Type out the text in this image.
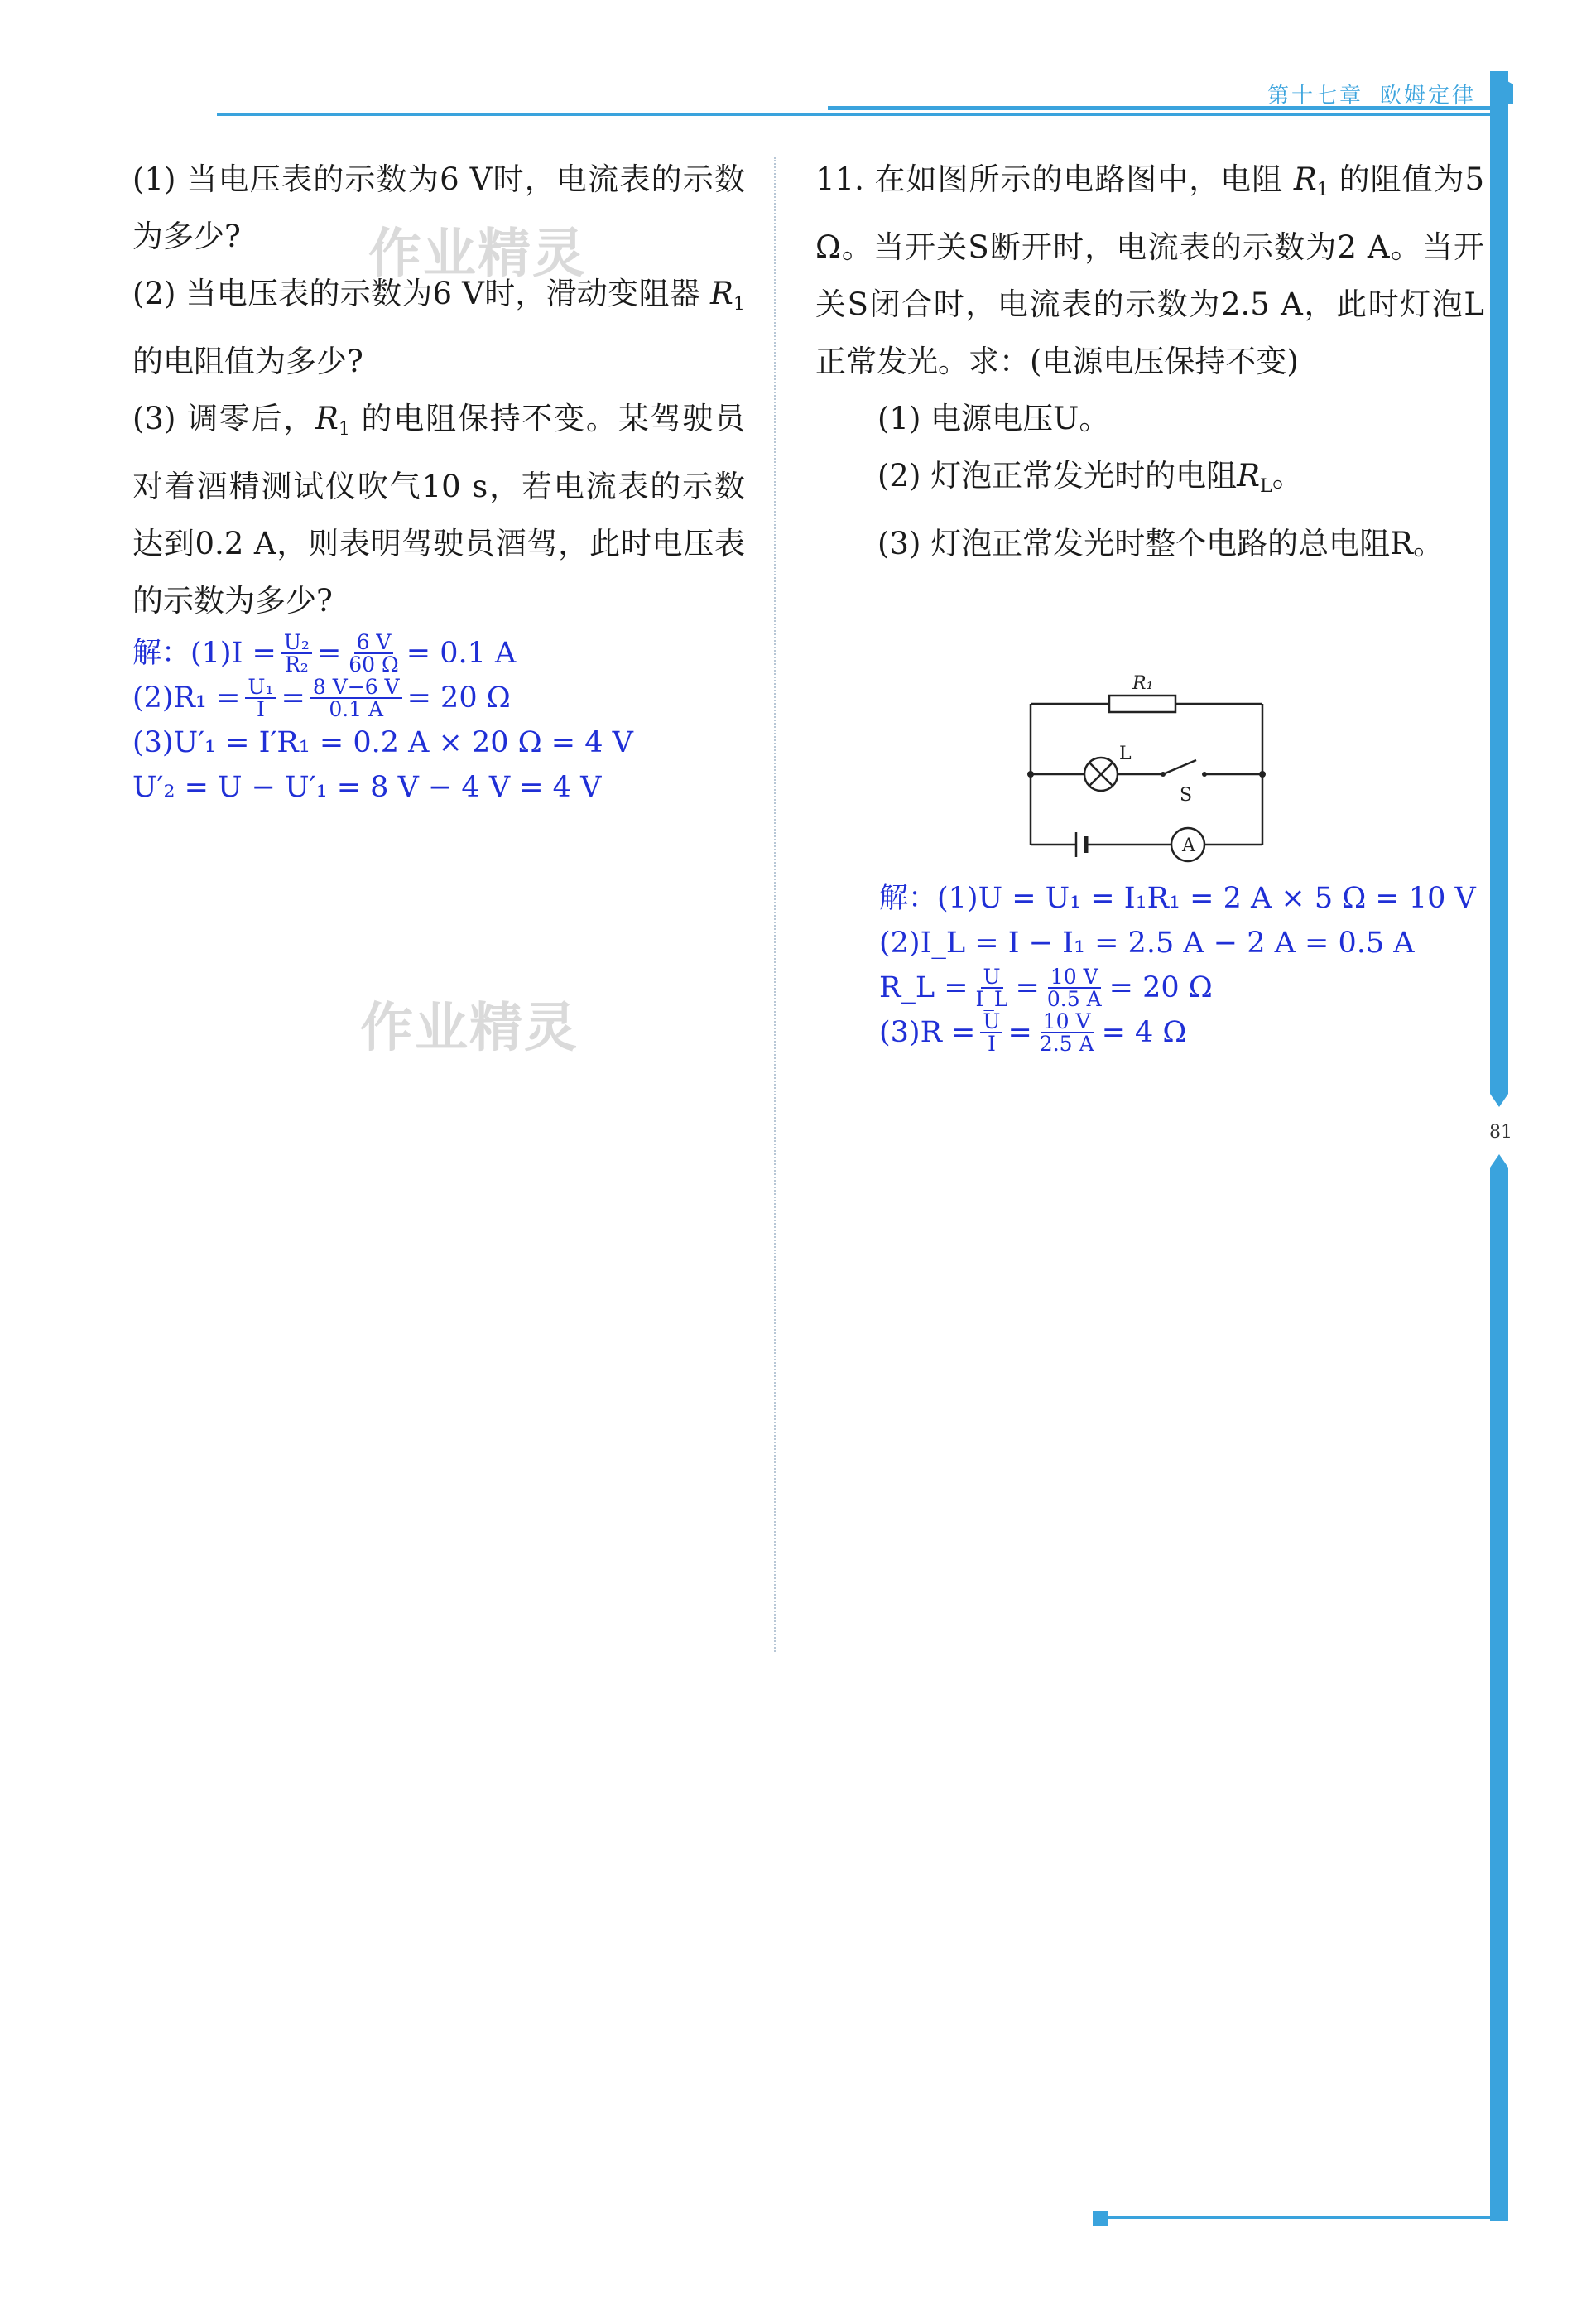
第十七章 欧姆定律
81
作业精灵
作业精灵

(1) 当电压表的示数为6 V时，电流表的示数为多少?

(2) 当电压表的示数为6 V时，滑动变阻器 R1 的电阻值为多少?

(3) 调零后，R1 的电阻保持不变。某驾驶员对着酒精测试仪吹气10 s，若电流表的示数达到0.2 A，则表明驾驶员酒驾，此时电压表的示数为多少?

解：$(1)I = \frac{\text{U₂}}{\text{R₂}} = \frac{6 V}{60 \Omega} = 0.1$ A
$(2)R_1 = \frac{\text{U₁}}{I} = \frac{8 V-6 V}{0.1 A} = 20$ Ω
(3)U′₁ = I′R₁ = 0.2 A × 20 Ω = 4 V
U′₂ = U − U′₁ = 8 V − 4 V = 4 V

11. 在如图所示的电路图中，电阻 R1 的阻值为5 Ω。当开关S断开时，电流表的示数为2 A。当开关S闭合时，电流表的示数为2.5 A，此时灯泡L正常发光。求：(电源电压保持不变)

(1) 电源电压U。

(2) 灯泡正常发光时的电阻RL。

(3) 灯泡正常发光时整个电路的总电阻R。

R₁
L
S
A
解：(1)U = U₁ = I₁R₁ = 2 A × 5 Ω = 10 V
(2)I_L = I − I₁ = 2.5 A − 2 A = 0.5 A
R_L = $\frac{U}{I\_L} = \frac{10 V}{0.5 A} = 20$ Ω
$(3)R = \frac{U}{I} = \frac{10 V}{2.5 A} = 4$ Ω
